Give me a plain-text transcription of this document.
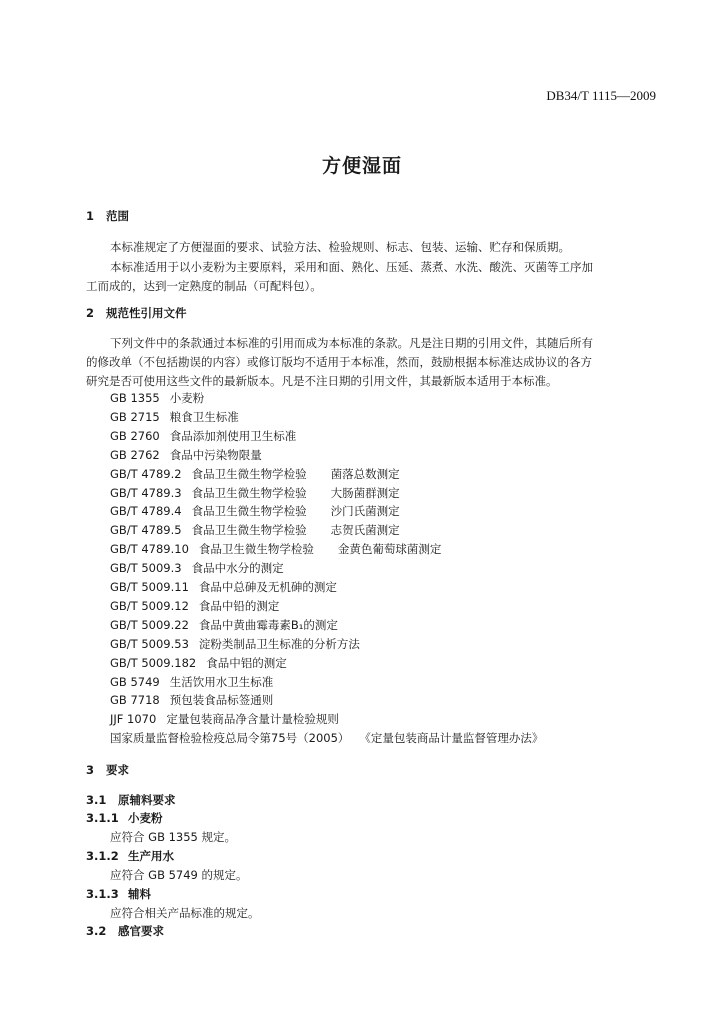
DB34/T 1115—2009
方便湿面
1 范围
本标准规定了方便湿面的要求、试验方法、检验规则、标志、包装、运输、贮存和保质期。
本标准适用于以小麦粉为主要原料，采用和面、熟化、压延、蒸煮、水洗、酸洗、灭菌等工序加
工而成的，达到一定熟度的制品（可配料包）。
2 规范性引用文件
下列文件中的条款通过本标准的引用而成为本标准的条款。凡是注日期的引用文件，其随后所有
的修改单（不包括勘误的内容）或修订版均不适用于本标准，然而，鼓励根据本标准达成协议的各方
研究是否可使用这些文件的最新版本。凡是不注日期的引用文件，其最新版本适用于本标准。
GB 1355 小麦粉
GB 2715 粮食卫生标准
GB 2760 食品添加剂使用卫生标准
GB 2762 食品中污染物限量
GB/T 4789.2 食品卫生微生物学检验 菌落总数测定
GB/T 4789.3 食品卫生微生物学检验 大肠菌群测定
GB/T 4789.4 食品卫生微生物学检验 沙门氏菌测定
GB/T 4789.5 食品卫生微生物学检验 志贺氏菌测定
GB/T 4789.10 食品卫生微生物学检验 金黄色葡萄球菌测定
GB/T 5009.3 食品中水分的测定
GB/T 5009.11 食品中总砷及无机砷的测定
GB/T 5009.12 食品中铅的测定
GB/T 5009.22 食品中黄曲霉毒素B₁的测定
GB/T 5009.53 淀粉类制品卫生标准的分析方法
GB/T 5009.182 食品中铝的测定
GB 5749 生活饮用水卫生标准
GB 7718 预包装食品标签通则
JJF 1070 定量包装商品净含量计量检验规则
国家质量监督检验检疫总局令第75号（2005） 《定量包装商品计量监督管理办法》
3 要求
3.1 原辅料要求
3.1.1 小麦粉
应符合 GB 1355 规定。
3.1.2 生产用水
应符合 GB 5749 的规定。
3.1.3 辅料
应符合相关产品标准的规定。
3.2 感官要求
